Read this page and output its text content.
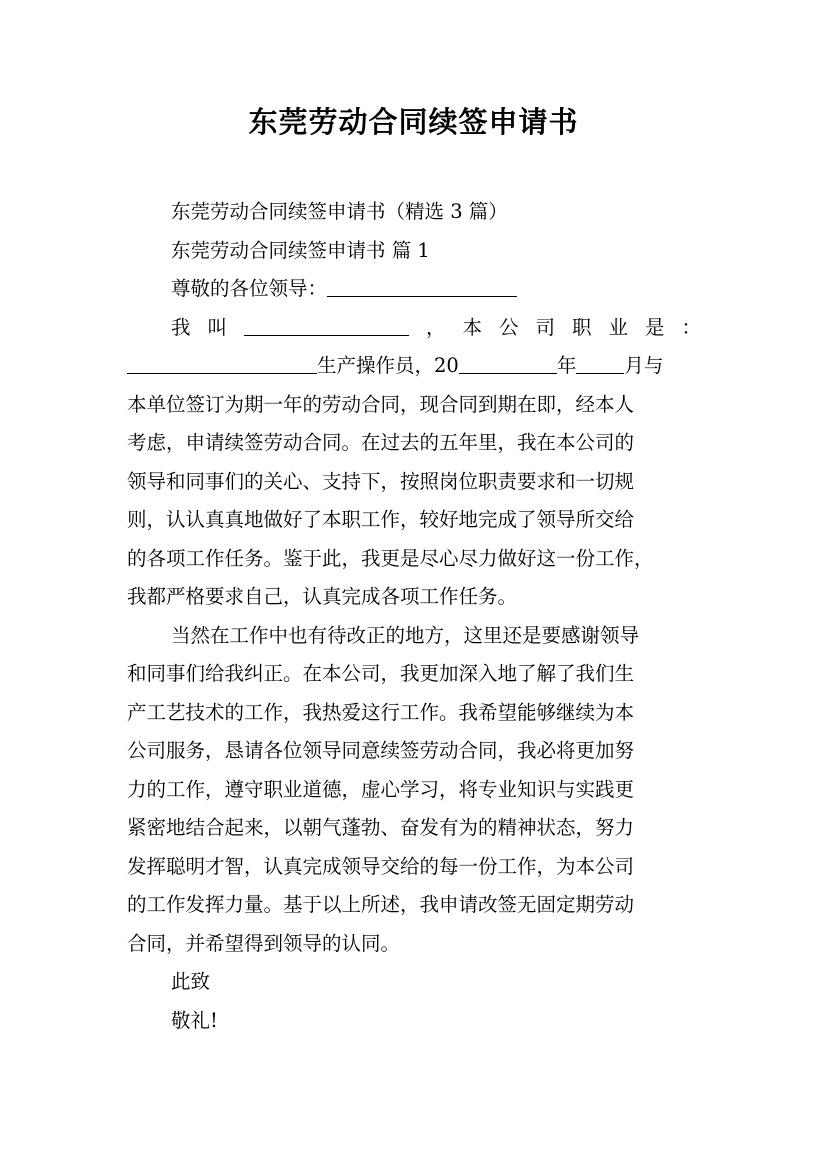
东莞劳动合同续签申请书
东莞劳动合同续签申请书（精选 3 篇）
东莞劳动合同续签申请书 篇 1
尊敬的各位领导：
我 叫	， 本 公 司 职 业 是 ：
生产操作员，20	年 月与
本单位签订为期一年的劳动合同，现合同到期在即，经本人
考虑，申请续签劳动合同。在过去的五年里，我在本公司的
领导和同事们的关心、支持下，按照岗位职责要求和一切规
则，认认真真地做好了本职工作，较好地完成了领导所交给
的各项工作任务。鉴于此，我更是尽心尽力做好这一份工作，
我都严格要求自己，认真完成各项工作任务。
当然在工作中也有待改正的地方，这里还是要感谢领导
和同事们给我纠正。在本公司，我更加深入地了解了我们生
产工艺技术的工作，我热爱这行工作。我希望能够继续为本
公司服务，恳请各位领导同意续签劳动合同，我必将更加努
力的工作，遵守职业道德，虚心学习，将专业知识与实践更
紧密地结合起来，以朝气蓬勃、奋发有为的精神状态，努力
发挥聪明才智，认真完成领导交给的每一份工作，为本公司
的工作发挥力量。基于以上所述，我申请改签无固定期劳动
合同，并希望得到领导的认同。
此致
敬礼!
